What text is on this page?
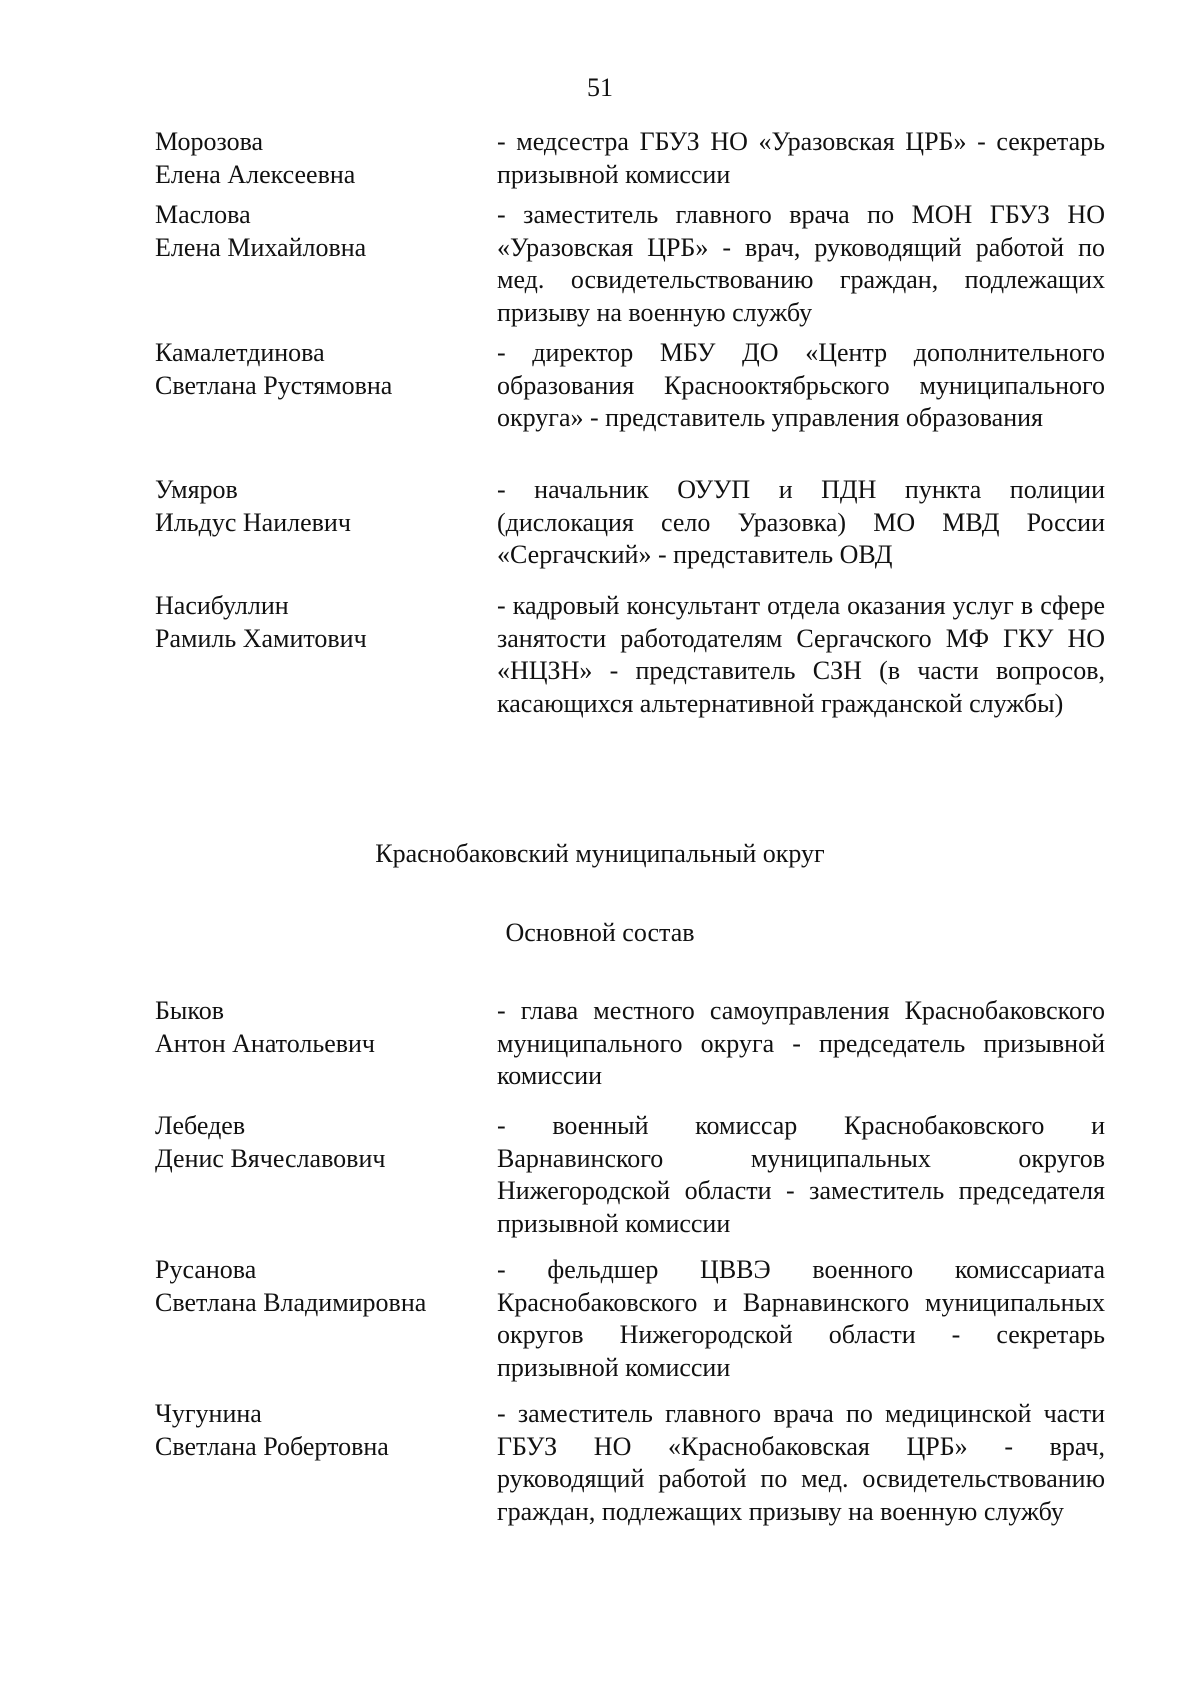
51
Морозова
Елена Алексеевна
- медсестра ГБУЗ НО «Уразовская ЦРБ» - секретарь призывной комиссии
Маслова
Елена Михайловна
- заместитель главного врача по МОН ГБУЗ НО «Уразовская ЦРБ» - врач, руководящий работой по мед. освидетельствованию граждан, подлежащих призыву на военную службу
Камалетдинова
Светлана Рустямовна
- директор МБУ ДО «Центр дополнительного образования Краснооктябрьского муниципального округа» - представитель управления образования
Умяров
Ильдус Наилевич
- начальник ОУУП и ПДН пункта полиции (дислокация село Уразовка) МО МВД России «Сергачский» - представитель ОВД
Насибуллин
Рамиль Хамитович
- кадровый консультант отдела оказания услуг в сфере занятости работодателям Сергачского МФ ГКУ НО «НЦЗН» - представитель СЗН (в части вопросов, касающихся альтернативной гражданской службы)
Краснобаковский муниципальный округ
Основной состав
Быков
Антон Анатольевич
- глава местного самоуправления Краснобаковского муниципального округа - председатель призывной комиссии
Лебедев
Денис Вячеславович
- военный комиссар Краснобаковского и Варнавинского муниципальных округов Нижегородской области - заместитель председателя призывной комиссии
Русанова
Светлана Владимировна
- фельдшер ЦВВЭ военного комиссариата Краснобаковского и Варнавинского муниципальных округов Нижегородской области - секретарь призывной комиссии
Чугунина
Светлана Робертовна
- заместитель главного врача по медицинской части ГБУЗ НО «Краснобаковская ЦРБ» - врач, руководящий работой по мед. освидетельствованию граждан, подлежащих призыву на военную службу
